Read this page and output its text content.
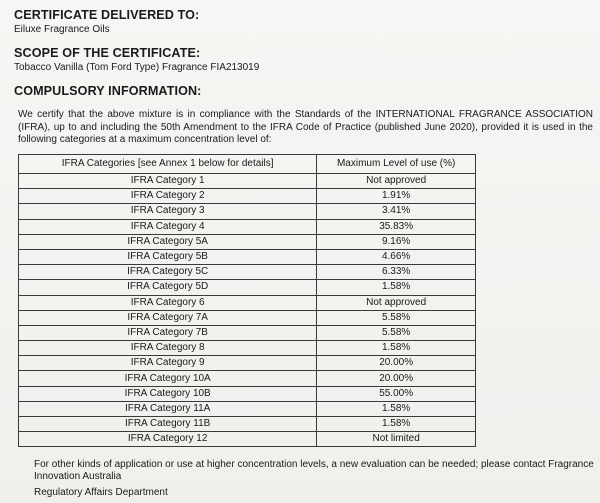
CERTIFICATE DELIVERED TO:
Eiluxe Fragrance Oils
SCOPE OF THE CERTIFICATE:
Tobacco Vanilla (Tom Ford Type) Fragrance FIA213019
COMPULSORY INFORMATION:

We certify that the above mixture is in compliance with the Standards of the INTERNATIONAL FRAGRANCE ASSOCIATION (IFRA), up to and including the 50th Amendment to the IFRA Code of Practice (published June 2020), provided it is used in the following categories at a maximum concentration level of:

IFRA Categories [see Annex 1 below for details]	Maximum Level of use (%)
IFRA Category 1	Not approved
IFRA Category 2	1.91%
IFRA Category 3	3.41%
IFRA Category 4	35.83%
IFRA Category 5A	9.16%
IFRA Category 5B	4.66%
IFRA Category 5C	6.33%
IFRA Category 5D	1.58%
IFRA Category 6	Not approved
IFRA Category 7A	5.58%
IFRA Category 7B	5.58%
IFRA Category 8	1.58%
IFRA Category 9	20.00%
IFRA Category 10A	20.00%
IFRA Category 10B	55.00%
IFRA Category 11A	1.58%
IFRA Category 11B	1.58%
IFRA Category 12	Not limited

For other kinds of application or use at higher concentration levels, a new evaluation can be needed; please contact Fragrance Innovation Australia

Regulatory Affairs Department
